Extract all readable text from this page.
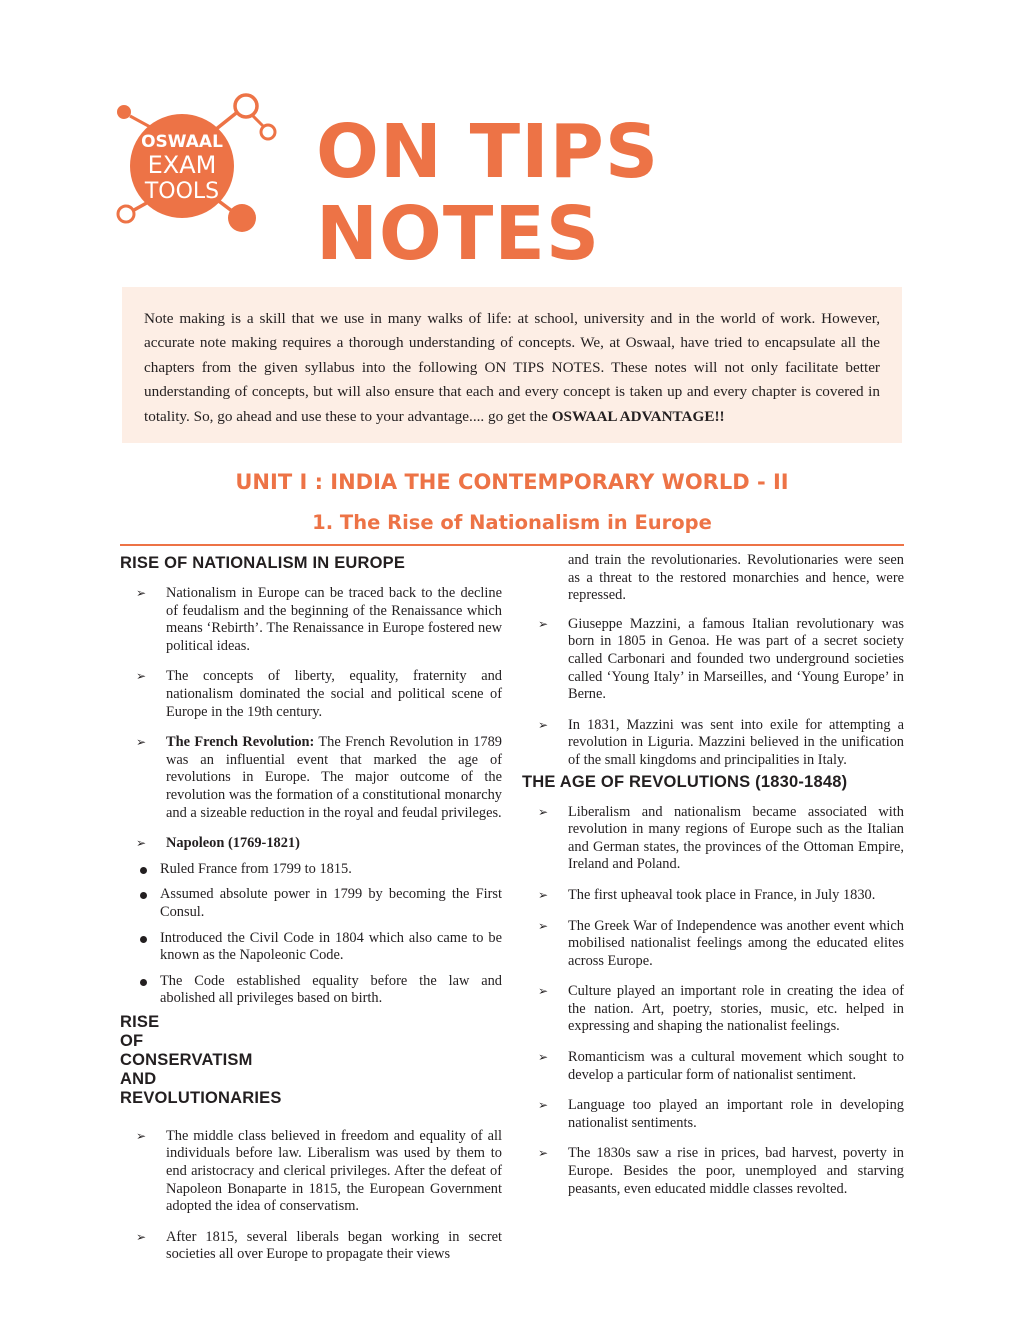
OSWAAL
EXAM
TOOLS ON TIPS
NOTES
Note making is a skill that we use in many walks of life: at school, university and in the world of work. However, accurate note making requires a thorough understanding of concepts. We, at Oswaal, have tried to encapsulate all the chapters from the given syllabus into the following ON TIPS NOTES. These notes will not only facilitate better understanding of concepts, but will also ensure that each and every concept is taken up and every chapter is covered in totality. So, go ahead and use these to your advantage.... go get the OSWAAL ADVANTAGE!!
UNIT I : INDIA THE CONTEMPORARY WORLD - II
1. The Rise of Nationalism in Europe
RISE OF NATIONALISM IN EUROPE
➢ Nationalism in Europe can be traced back to the decline of feudalism and the beginning of the Renaissance which means ‘Rebirth’. The Renaissance in Europe fostered new political ideas.
➢ The concepts of liberty, equality, fraternity and nationalism dominated the social and political scene of Europe in the 19th century.
➢ The French Revolution: The French Revolution in 1789 was an influential event that marked the age of revolutions in Europe. The major outcome of the revolution was the formation of a constitutional monarchy and a sizeable reduction in the royal and feudal privileges.
➢ Napoleon (1769-1821)
Ruled France from 1799 to 1815.
Assumed absolute power in 1799 by becoming the First Consul.
Introduced the Civil Code in 1804 which also came to be known as the Napoleonic Code.
The Code established equality before the law and abolished all privileges based on birth.
RISE
OF
CONSERVATISM
AND
REVOLUTIONARIES
➢ The middle class believed in freedom and equality of all individuals before law. Liberalism was used by them to end aristocracy and clerical privileges. After the defeat of Napoleon Bonaparte in 1815, the European Government adopted the idea of conservatism.
➢ After 1815, several liberals began working in secret societies all over Europe to propagate their views

and train the revolutionaries. Revolutionaries were seen as a threat to the restored monarchies and hence, were repressed.

➢ Giuseppe Mazzini, a famous Italian revolutionary was born in 1805 in Genoa. He was part of a secret society called Carbonari and founded two underground societies called ‘Young Italy’ in Marseilles, and ‘Young Europe’ in Berne.
➢ In 1831, Mazzini was sent into exile for attempting a revolution in Liguria. Mazzini believed in the unification of the small kingdoms and principalities in Italy.
THE AGE OF REVOLUTIONS (1830-1848)
➢ Liberalism and nationalism became associated with revolution in many regions of Europe such as the Italian and German states, the provinces of the Ottoman Empire, Ireland and Poland.
➢ The first upheaval took place in France, in July 1830.
➢ The Greek War of Independence was another event which mobilised nationalist feelings among the educated elites across Europe.
➢ Culture played an important role in creating the idea of the nation. Art, poetry, stories, music, etc. helped in expressing and shaping the nationalist feelings.
➢ Romanticism was a cultural movement which sought to develop a particular form of nationalist sentiment.
➢ Language too played an important role in developing nationalist sentiments.
➢ The 1830s saw a rise in prices, bad harvest, poverty in Europe. Besides the poor, unemployed and starving peasants, even educated middle classes revolted.
